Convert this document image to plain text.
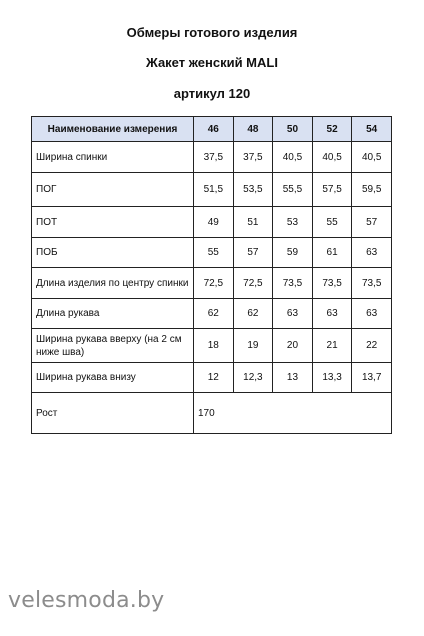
Обмеры готового изделия
Жакет женский MALI
артикул 120
Наименование измерения	46	48	50	52	54
Ширина спинки	37,5	37,5	40,5	40,5	40,5
ПОГ	51,5	53,5	55,5	57,5	59,5
ПОТ	49	51	53	55	57
ПОБ	55	57	59	61	63
Длина изделия по центру спинки	72,5	72,5	73,5	73,5	73,5
Длина рукава	62	62	63	63	63
Ширина рукава вверху (на 2 см ниже шва)	18	19	20	21	22
Ширина рукава внизу	12	12,3	13	13,3	13,7
Рост	170				
velesmoda.by
